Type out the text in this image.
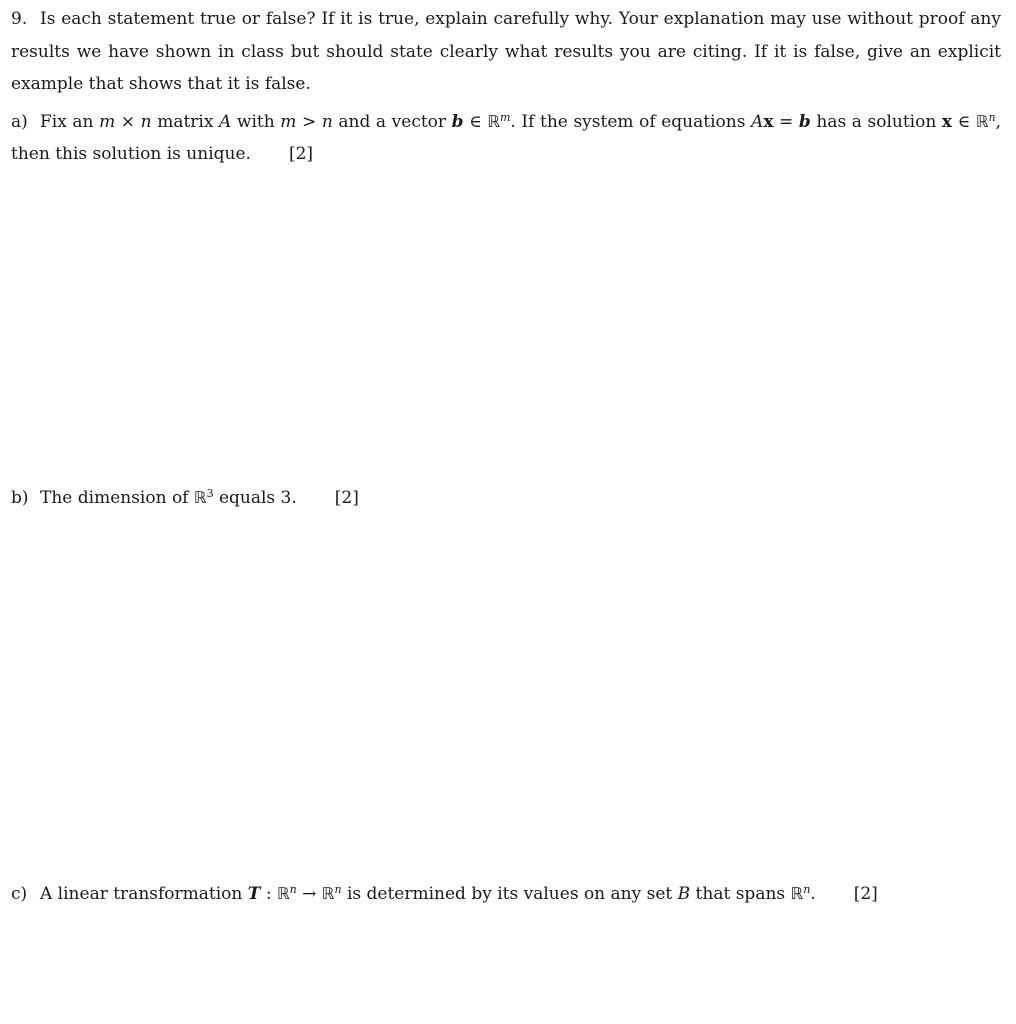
9. Is each statement true or false? If it is true, explain carefully why. Your explanation may use without proof any results we have shown in class but should state clearly what results you are citing. If it is false, give an explicit example that shows that it is false.
a) Fix an m × n matrix A with m > n and a vector b ∈ ℝ$^m$. If the system of equations Ax = b has a solution x ∈ ℝ$^n$, then this solution is unique. [2]
b) The dimension of ℝ$^3$ equals 3. [2]
c) A linear transformation T : ℝ$^n$ → ℝ$^n$ is determined by its values on any set B that spans ℝ$^n$. [2]
